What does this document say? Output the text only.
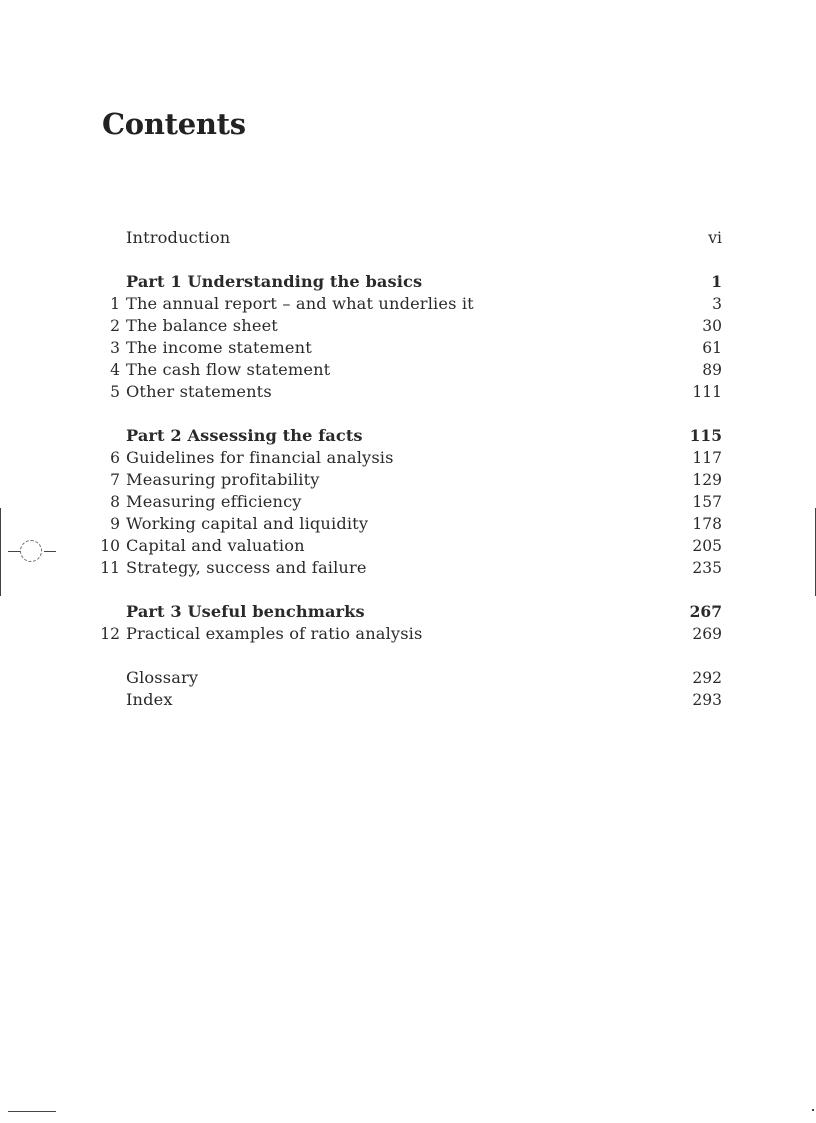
Contents
Introduction	vi
Part 1 Understanding the basics	1
1 The annual report – and what underlies it	3
2 The balance sheet	30
3 The income statement	61
4 The cash flow statement	89
5 Other statements	111
Part 2 Assessing the facts	115
6 Guidelines for financial analysis	117
7 Measuring profitability	129
8 Measuring efficiency	157
9 Working capital and liquidity	178
10 Capital and valuation	205
11 Strategy, success and failure	235
Part 3 Useful benchmarks	267
12 Practical examples of ratio analysis	269
Glossary	292
Index	293
